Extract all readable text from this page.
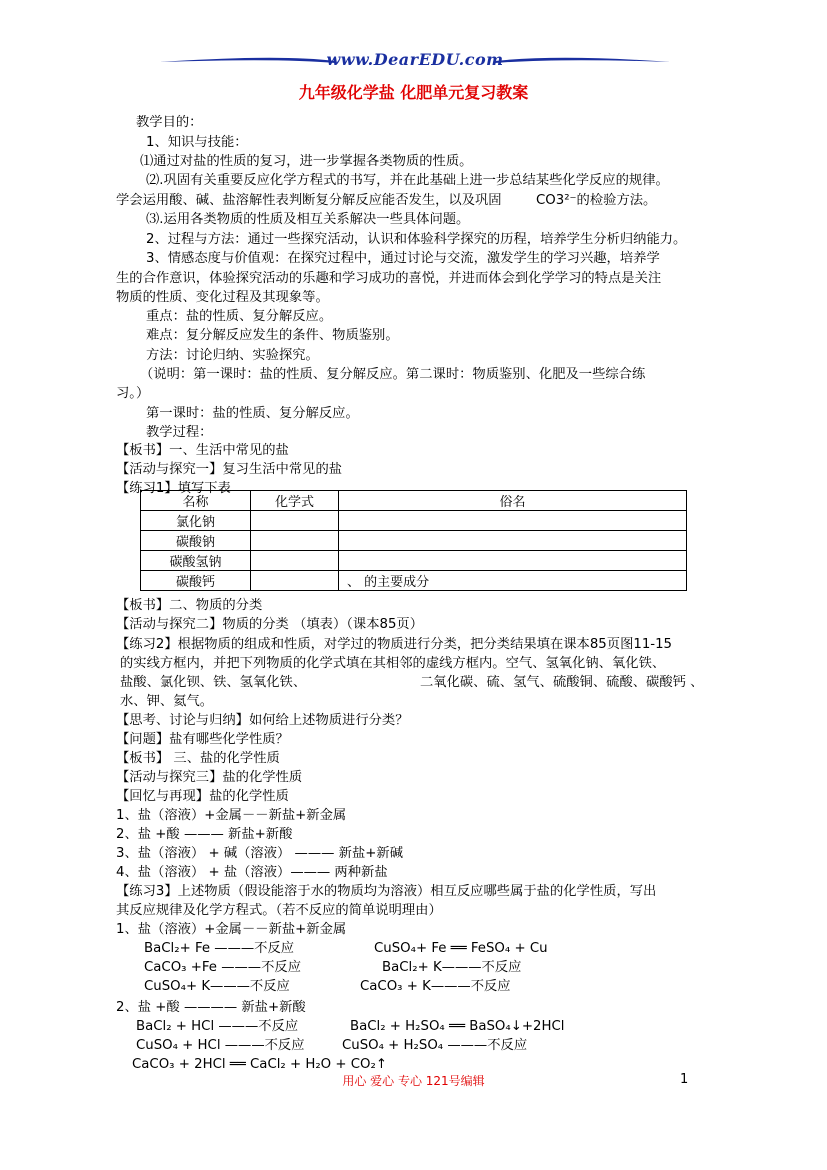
www.DearEDU.com
九年级化学盐 化肥单元复习教案
教学目的：
1、知识与技能：
⑴通过对盐的性质的复习，进一步掌握各类物质的性质。
⑵.巩固有关重要反应化学方程式的书写，并在此基础上进一步总结某些化学反应的规律。
学会运用酸、碱、盐溶解性表判断复分解反应能否发生，以及巩固
⑶.运用各类物质的性质及相互关系解决一些具体问题。
2、过程与方法：通过一些探究活动，认识和体验科学探究的历程，培养学生分析归纳能力。
3、情感态度与价值观：在探究过程中，通过讨论与交流，激发学生的学习兴趣，培养学
生的合作意识，体验探究活动的乐趣和学习成功的喜悦，并进而体会到化学学习的特点是关注
物质的性质、变化过程及其现象等。
重点：盐的性质、复分解反应。
难点：复分解反应发生的条件、物质鉴别。
方法：讨论归纳、实验探究。
（说明：第一课时：盐的性质、复分解反应。第二课时：物质鉴别、化肥及一些综合练
习。）
第一课时：盐的性质、复分解反应。
教学过程：
【板书】一、生活中常见的盐
【活动与探究一】复习生活中常见的盐
【练习1】填写下表
【板书】二、物质的分类
【活动与探究二】物质的分类 （填表）（课本85页）
【练习2】根据物质的组成和性质，对学过的物质进行分类，把分类结果填在课本85页图11-15
的实线方框内，并把下列物质的化学式填在其相邻的虚线方框内。空气、氢氧化钠、氧化铁、
盐酸、氯化钡、铁、氢氧化铁、	二氧化碳、硫、氢气、硫酸铜、硫酸、碳酸钙 、
水、钾、氦气。
【思考、讨论与归纳】如何给上述物质进行分类？
【问题】盐有哪些化学性质？
【板书】 三、盐的化学性质
【活动与探究三】盐的化学性质
【回忆与再现】盐的化学性质
1、盐（溶液）+金属－－新盐+新金属
2、盐 +酸 ——— 新盐+新酸
3、盐（溶液） + 碱（溶液） ——— 新盐+新碱
4、盐（溶液） + 盐（溶液）——— 两种新盐
【练习3】上述物质（假设能溶于水的物质均为溶液）相互反应哪些属于盐的化学性质，写出
其反应规律及化学方程式。（若不反应的简单说明理由）
1、盐（溶液）+金属－－新盐+新金属
2、盐 +酸 ———— 新盐+新酸
CO3²⁻的检验方法。
名称	化学式	俗名
氯化钠		
碳酸钠		
碳酸氢钠		
碳酸钙		、 的主要成分
BaCl₂+ Fe ———不反应	CuSO₄+ Fe ══ FeSO₄ + Cu
CaCO₃ +Fe ———不反应	BaCl₂+ K———不反应
CuSO₄+ K———不反应	CaCO₃ + K———不反应
BaCl₂ + HCl ———不反应	BaCl₂ + H₂SO₄ ══ BaSO₄↓+2HCl
CuSO₄ + HCl ———不反应	CuSO₄ + H₂SO₄ ———不反应
CaCO₃ + 2HCl ══ CaCl₂ + H₂O + CO₂↑
用心 爱心 专心 121号编辑	1
